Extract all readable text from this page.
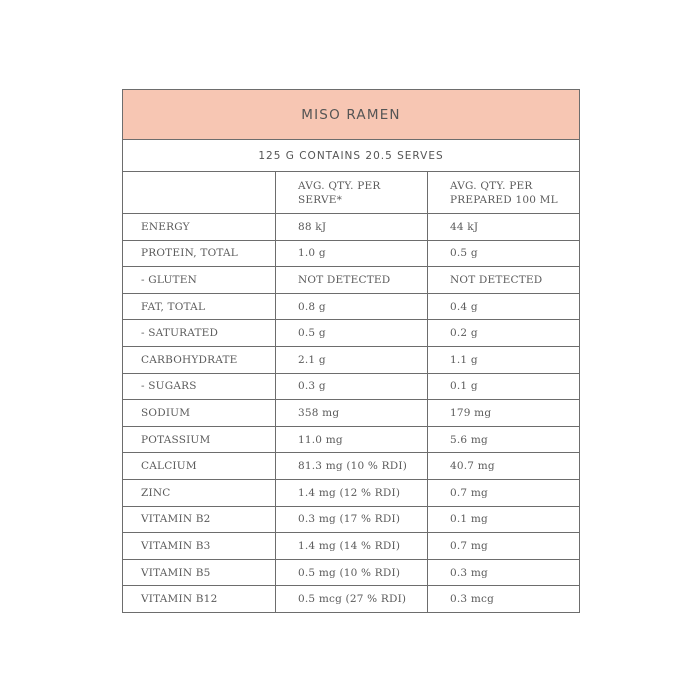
MISO RAMEN		
125 G CONTAINS 20.5 SERVES		
	AVG. QTY. PER SERVE*	AVG. QTY. PER PREPARED 100 ML
ENERGY	88 kJ	44 kJ
PROTEIN, TOTAL	1.0 g	0.5 g
- GLUTEN	NOT DETECTED	NOT DETECTED
FAT, TOTAL	0.8 g	0.4 g
- SATURATED	0.5 g	0.2 g
CARBOHYDRATE	2.1 g	1.1 g
- SUGARS	0.3 g	0.1 g
SODIUM	358 mg	179 mg
POTASSIUM	11.0 mg	5.6 mg
CALCIUM	81.3 mg (10 % RDI)	40.7 mg
ZINC	1.4 mg (12 % RDI)	0.7 mg
VITAMIN B2	0.3 mg (17 % RDI)	0.1 mg
VITAMIN B3	1.4 mg (14 % RDI)	0.7 mg
VITAMIN B5	0.5 mg (10 % RDI)	0.3 mg
VITAMIN B12	0.5 mcg (27 % RDI)	0.3 mcg
